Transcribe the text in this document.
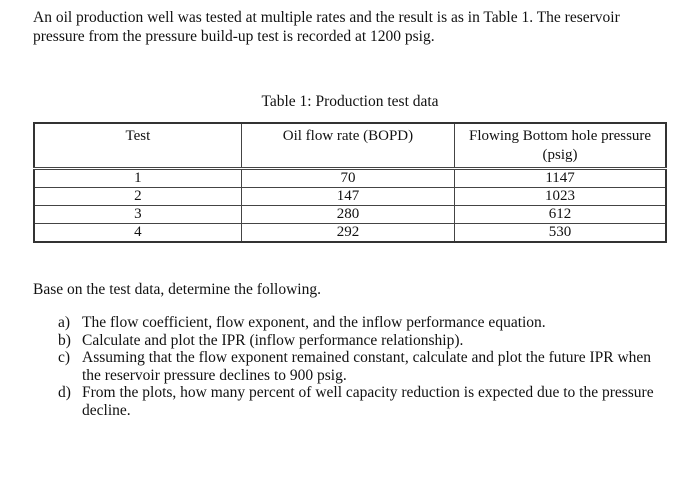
An oil production well was tested at multiple rates and the result is as in Table 1. The reservoir pressure from the pressure build-up test is recorded at 1200 psig.

Table 1: Production test data

Test	Oil flow rate (BOPD)	Flowing Bottom hole pressure (psig)
1	70	1147
2	147	1023
3	280	612
4	292	530

Base on the test data, determine the following.

a) The flow coefficient, flow exponent, and the inflow performance equation.
b) Calculate and plot the IPR (inflow performance relationship).
c) Assuming that the flow exponent remained constant, calculate and plot the future IPR when the reservoir pressure declines to 900 psig.
d) From the plots, how many percent of well capacity reduction is expected due to the pressure decline.
